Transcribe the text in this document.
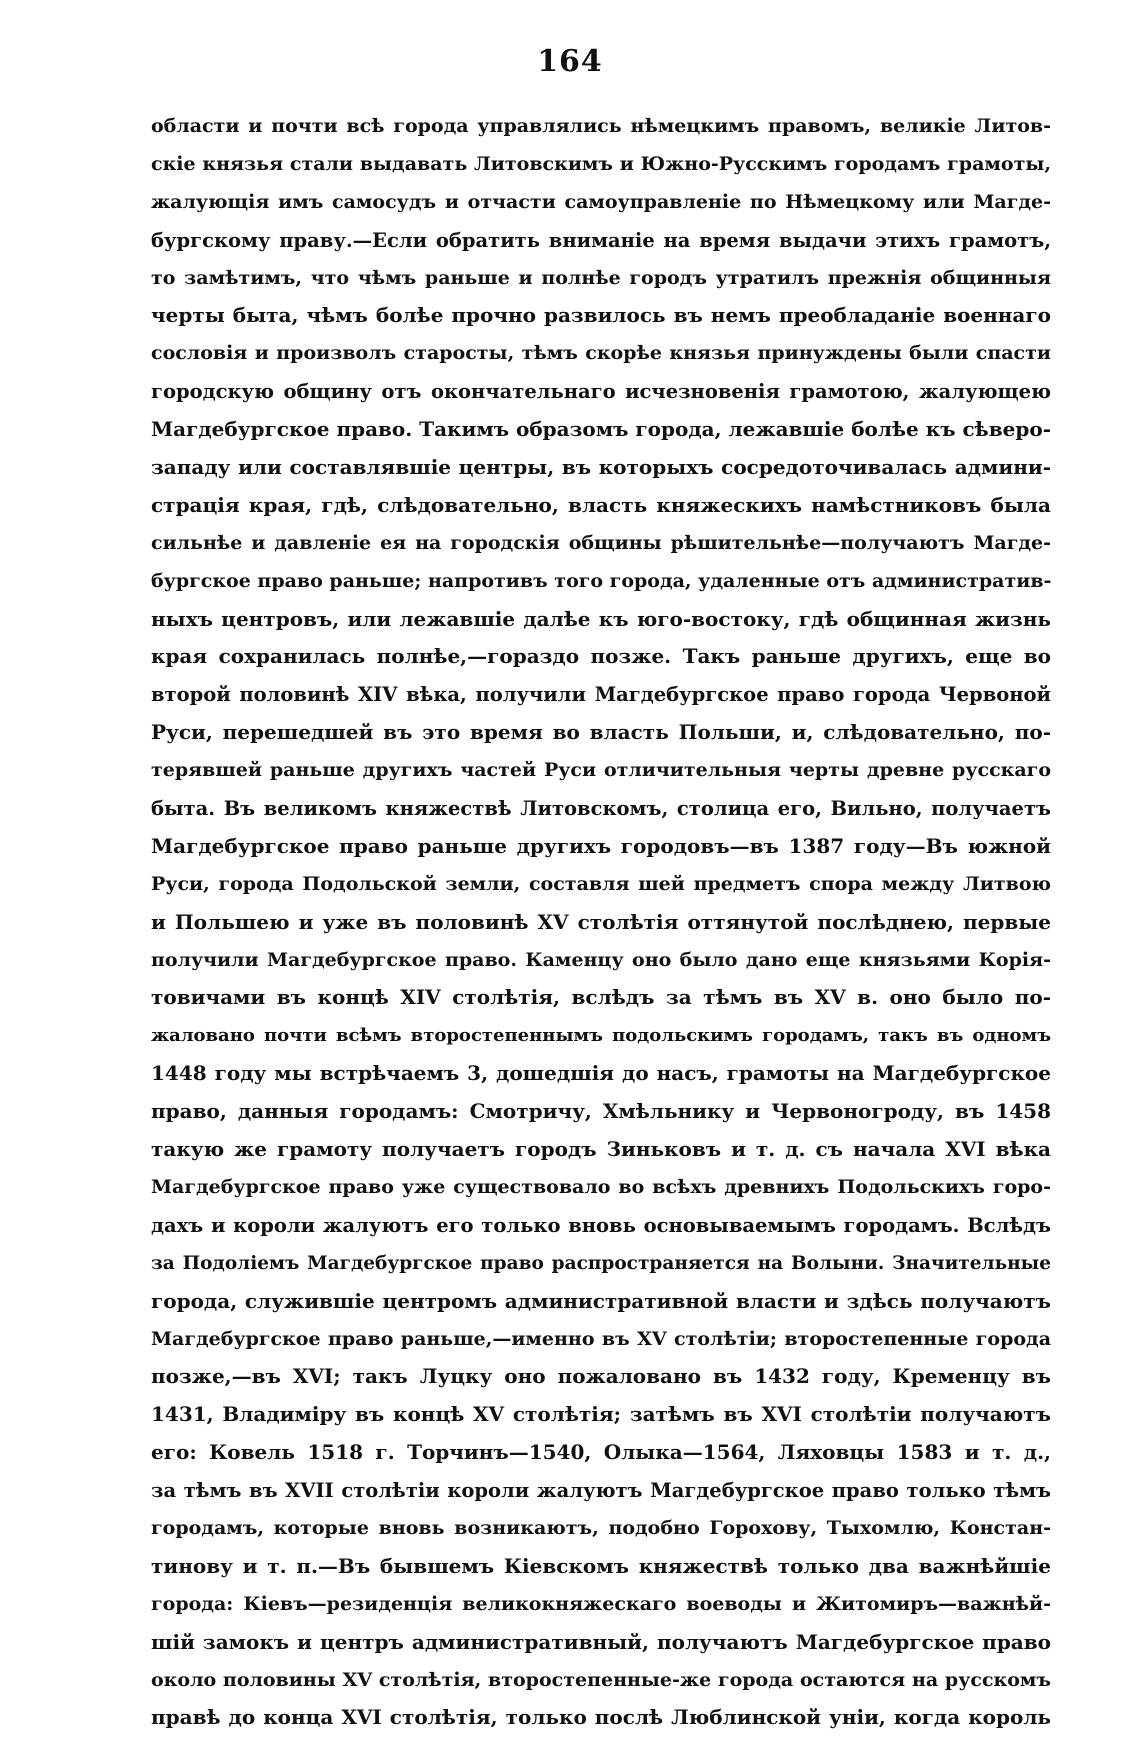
164
области и почти всѣ города управлялись нѣмецкимъ правомъ, великіе Литов-
скіе князья стали выдавать Литовскимъ и Южно-Русскимъ городамъ грамоты,
жалующія имъ самосудъ и отчасти самоуправленіе по Нѣмецкому или Магде-
бургскому праву.—Если обратить вниманіе на время выдачи этихъ грамотъ,
то замѣтимъ, что чѣмъ раньше и полнѣе городъ утратилъ прежнія общинныя
черты быта, чѣмъ болѣе прочно развилось въ немъ преобладаніе военнаго
сословія и произволъ старосты, тѣмъ скорѣе князья принуждены были спасти
городскую общину отъ окончательнаго исчезновенія грамотою, жалующею
Магдебургское право. Такимъ образомъ города, лежавшіе болѣе къ сѣверо-
западу или составлявшіе центры, въ которыхъ сосредоточивалась админи-
страція края, гдѣ, слѣдовательно, власть княжескихъ намѣстниковъ была
сильнѣе и давленіе ея на городскія общины рѣшительнѣе—получаютъ Магде-
бургское право раньше; напротивъ того города, удаленные отъ административ-
ныхъ центровъ, или лежавшіе далѣе къ юго-востоку, гдѣ общинная жизнь
края сохранилась полнѣе,—гораздо позже. Такъ раньше другихъ, еще во
второй половинѣ XIV вѣка, получили Магдебургское право города Червоной
Руси, перешедшей въ это время во власть Польши, и, слѣдовательно, по-
терявшей раньше другихъ частей Руси отличительныя черты древне русскаго
быта. Въ великомъ княжествѣ Литовскомъ, столица его, Вильно, получаетъ
Магдебургское право раньше другихъ городовъ—въ 1387 году—Въ южной
Руси, города Подольской земли, составля шей предметъ спора между Литвою
и Польшею и уже въ половинѣ XV столѣтія оттянутой послѣднею, первые
получили Магдебургское право. Каменцу оно было дано еще князьями Корія-
товичами въ концѣ XIV столѣтія, вслѣдъ за тѣмъ въ XV в. оно было по-
жаловано почти всѣмъ второстепеннымъ подольскимъ городамъ, такъ въ одномъ
1448 году мы встрѣчаемъ 3, дошедшія до насъ, грамоты на Магдебургское
право, данныя городамъ: Смотричу, Хмѣльнику и Червоногроду, въ 1458
такую же грамоту получаетъ городъ Зиньковъ и т. д. съ начала XVI вѣка
Магдебургское право уже существовало во всѣхъ древнихъ Подольскихъ горо-
дахъ и короли жалуютъ его только вновь основываемымъ городамъ. Вслѣдъ
за Подоліемъ Магдебургское право распространяется на Волыни. Значительные
города, служившіе центромъ административной власти и здѣсь получаютъ
Магдебургское право раньше,—именно въ XV столѣтіи; второстепенные города
позже,—въ XVI; такъ Луцку оно пожаловано въ 1432 году, Кременцу въ
1431, Владиміру въ концѣ XV столѣтія; затѣмъ въ XVI столѣтіи получаютъ
его: Ковель 1518 г. Торчинъ—1540, Олыка—1564, Ляховцы 1583 и т. д.,
за тѣмъ въ XVII столѣтіи короли жалуютъ Магдебургское право только тѣмъ
городамъ, которые вновь возникаютъ, подобно Горохову, Тыхомлю, Констан-
тинову и т. п.—Въ бывшемъ Кіевскомъ княжествѣ только два важнѣйшіе
города: Кіевъ—резиденція великокняжескаго воеводы и Житомиръ—важнѣй-
шій замокъ и центръ административный, получаютъ Магдебургское право
около половины XV столѣтія, второстепенные-же города остаются на русскомъ
правѣ до конца XVI столѣтія, только послѣ Люблинской уніи, когда король
